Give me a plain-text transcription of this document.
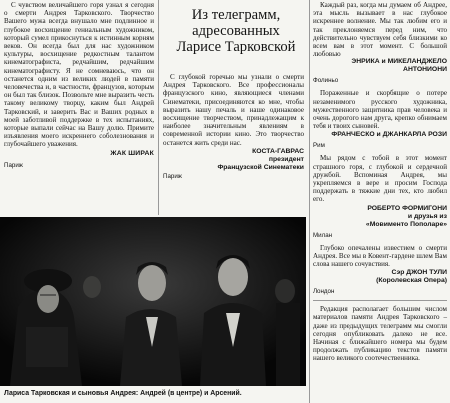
С чувством величайшего горя узнал я сегодня о смерти Андрея Тарковского. Творчество Вашего мужа всегда внушало мне подлинное и глубокое восхищение гениальным художником, который сумел прикоснуться к истинным корням веков. Он всегда был для нас художником культуры, восхищение редкостным талантом кинематографиста, редчайшим, редчайшим кинематографисту. Я не сомневаюсь, что он останется одним из великих людей в памяти человечества и, в частности, французов, которым он был так близок. Позвольте мне выразить честь такому великому творцу, каким был Андрей Тарковский, и заверить Вас и Ваших родных в моей заботливой поддержке в тех испытаниях, которые выпали сейчас на Вашу долю. Примите изъявления моего искреннего соболезнования и глубочайшего уважения.

ЖАК ШИРАК

Париж

Из телеграмм,
адресованных
Ларисе Тарковской

С глубокой горечью мы узнали о смерти Андрея Тарковского. Все профессионалы французского кино, являющиеся членами Синематеки, присоединяются ко мне, чтобы выразить нашу печаль и наше одинаковое восхищение творчеством, принадлежащим к наиболее значительным явлениям в современной истории кино. Это творчество останется жить среди нас.

КОСТА-ГАВРАС

президент

Французской Синематеки

Париж

Лариса Тарковская и сыновья Андрея: Андрей (в центре) и Арсений.

Каждый раз, когда мы думаем об Андрее, эта мысль вызывает в нас глубокое искреннее волнение. Мы так любим его и так преклоняемся перед ним, что действительно чувствуем себя близкими ко всем вам в этот момент. С большой любовью

ЭНРИКА и МИКЕЛАНДЖЕЛО АНТОНИОНИ

Фолиньо

Пораженные и скорбящие о потере незаменимого русского художника, мужественного защитника прав человека и очень дорогого нам друга, крепко обнимаем тебя и твоих сыновей.

ФРАНЧЕСКО и ДЖАНКАРЛА РОЗИ

Рим

Мы рядом с тобой в этот момент страшного горя, с глубокой и сердечной дружбой. Вспоминая Андрея, мы укрепляемся в вере и просим Господа поддержать в тяжкие дни тех, кто любил его.

РОБЕРТО ФОРМИГОНИ

и друзья из

«Мовименто Пополаре»

Милан

Глубоко опечалены известием о смерти Андрея. Все мы в Ковент-гардене шлем Вам слова нашего сочувствия.

Сэр ДЖОН ТУЛИ

(Королевская Опера)

Лондон

Редакция располагает большим числом материалов памяти Андрея Тарковского – даже из предыдущих телеграмм мы смогли сегодня опубликовать далеко не все. Начиная с ближайшего номера мы будем продолжать публикацию текстов памяти нашего великого соотечественника.
